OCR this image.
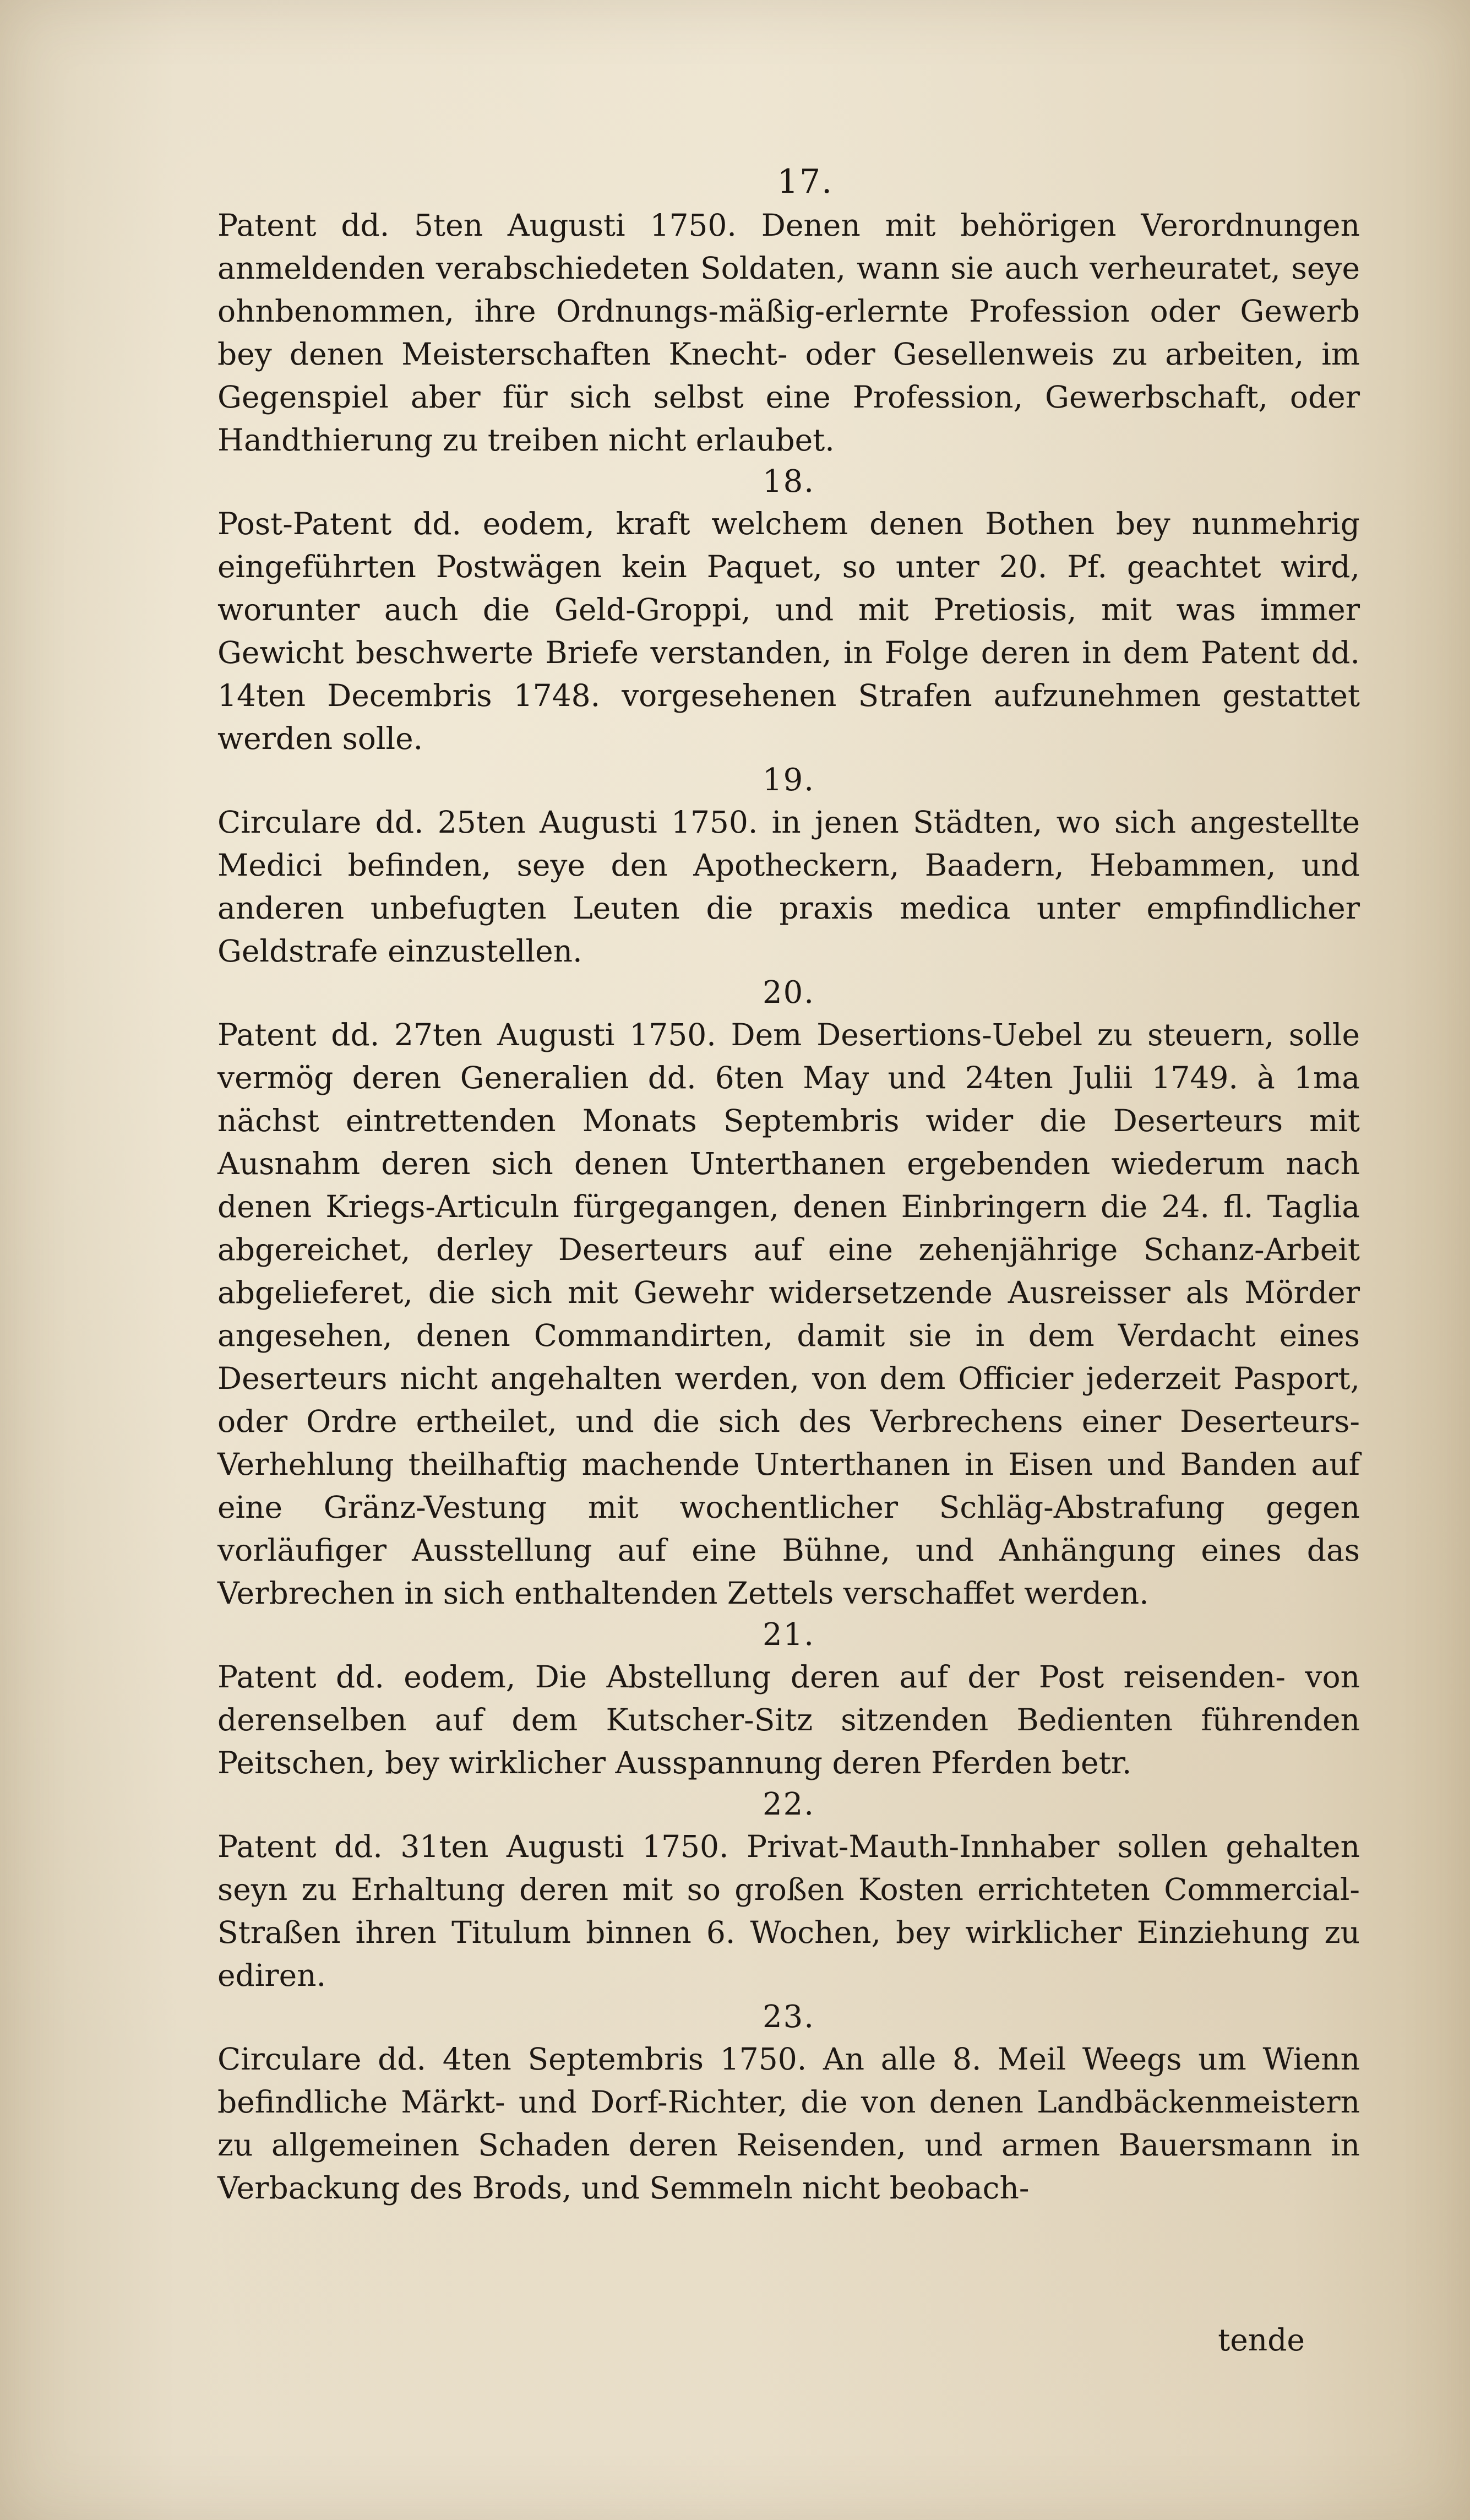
17.

Patent dd. 5ten Augusti 1750. Denen mit behörigen Verordnungen anmeldenden verabschiedeten Soldaten, wann sie auch verheuratet, seye ohnbenommen, ihre Ordnungs-mäßig-erlernte Profession oder Gewerb bey denen Meisterschaften Knecht- oder Gesellenweis zu arbeiten, im Gegenspiel aber für sich selbst eine Profession, Gewerbschaft, oder Handthierung zu treiben nicht erlaubet.

18.

Post-Patent dd. eodem, kraft welchem denen Bothen bey nunmehrig eingeführten Postwägen kein Paquet, so unter 20. Pf. geachtet wird, worunter auch die Geld-Groppi, und mit Pretiosis, mit was immer Gewicht beschwerte Briefe verstanden, in Folge deren in dem Patent dd. 14ten Decembris 1748. vorgesehenen Strafen aufzunehmen gestattet werden solle.

19.

Circulare dd. 25ten Augusti 1750. in jenen Städten, wo sich angestellte Medici befinden, seye den Apotheckern, Baadern, Hebammen, und anderen unbefugten Leuten die praxis medica unter empfindlicher Geldstrafe einzustellen.

20.

Patent dd. 27ten Augusti 1750. Dem Desertions-Uebel zu steuern, solle vermög deren Generalien dd. 6ten May und 24ten Julii 1749. à 1ma nächst eintrettenden Monats Septembris wider die Deserteurs mit Ausnahm deren sich denen Unterthanen ergebenden wiederum nach denen Kriegs-Articuln fürgegangen, denen Einbringern die 24. fl. Taglia abgereichet, derley Deserteurs auf eine zehenjährige Schanz-Arbeit abgelieferet, die sich mit Gewehr widersetzende Ausreisser als Mörder angesehen, denen Commandirten, damit sie in dem Verdacht eines Deserteurs nicht angehalten werden, von dem Officier jederzeit Pasport, oder Ordre ertheilet, und die sich des Verbrechens einer Deserteurs-Verhehlung theilhaftig machende Unterthanen in Eisen und Banden auf eine Gränz-Vestung mit wochentlicher Schläg-Abstrafung gegen vorläufiger Ausstellung auf eine Bühne, und Anhängung eines das Verbrechen in sich enthaltenden Zettels verschaffet werden.

21.

Patent dd. eodem, Die Abstellung deren auf der Post reisenden- von derenselben auf dem Kutscher-Sitz sitzenden Bedienten führenden Peitschen, bey wirklicher Ausspannung deren Pferden betr.

22.

Patent dd. 31ten Augusti 1750. Privat-Mauth-Innhaber sollen gehalten seyn zu Erhaltung deren mit so großen Kosten errichteten Commercial-Straßen ihren Titulum binnen 6. Wochen, bey wirklicher Einziehung zu ediren.

23.

Circulare dd. 4ten Septembris 1750. An alle 8. Meil Weegs um Wienn befindliche Märkt- und Dorf-Richter, die von denen Landbäckenmeistern zu allgemeinen Schaden deren Reisenden, und armen Bauersmann in Verbackung des Brods, und Semmeln nicht beobach-

tende
